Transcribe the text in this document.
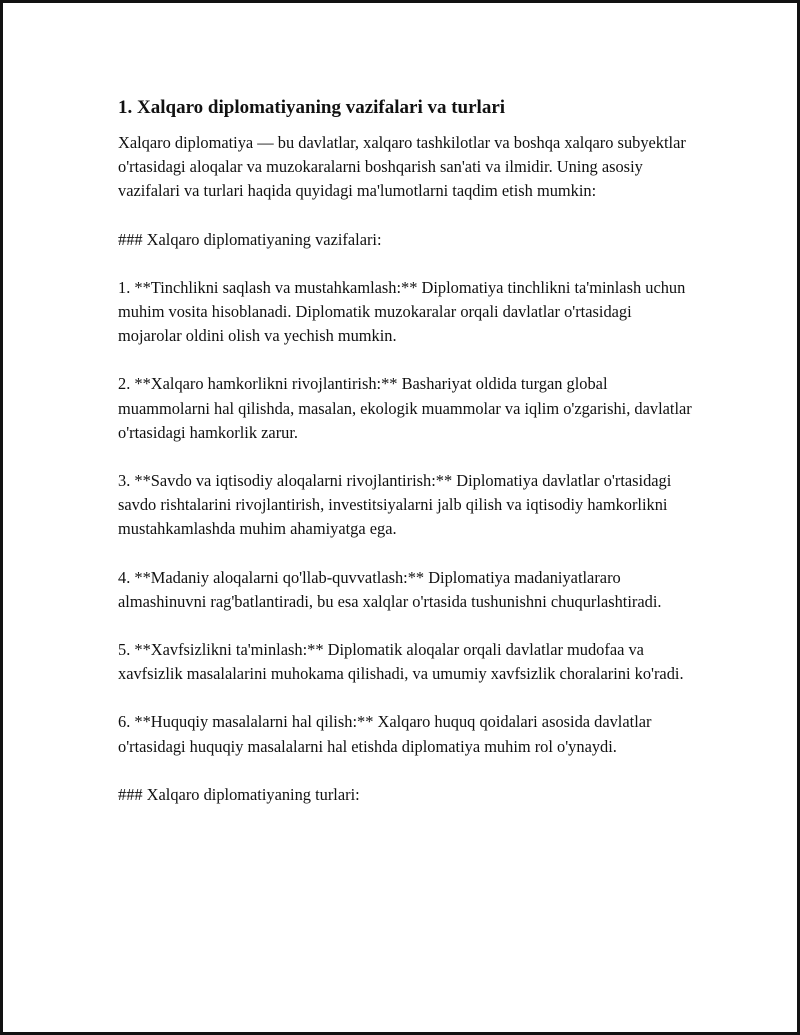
1. Xalqaro diplomatiyaning vazifalari va turlari

Xalqaro diplomatiya — bu davlatlar, xalqaro tashkilotlar va boshqa xalqaro subyektlar o'rtasidagi aloqalar va muzokaralarni boshqarish san'ati va ilmidir. Uning asosiy vazifalari va turlari haqida quyidagi ma'lumotlarni taqdim etish mumkin:

### Xalqaro diplomatiyaning vazifalari:

1. **Tinchlikni saqlash va mustahkamlash:** Diplomatiya tinchlikni ta'minlash uchun muhim vosita hisoblanadi. Diplomatik muzokaralar orqali davlatlar o'rtasidagi mojarolar oldini olish va yechish mumkin.

2. **Xalqaro hamkorlikni rivojlantirish:** Bashariyat oldida turgan global muammolarni hal qilishda, masalan, ekologik muammolar va iqlim o'zgarishi, davlatlar o'rtasidagi hamkorlik zarur.

3. **Savdo va iqtisodiy aloqalarni rivojlantirish:** Diplomatiya davlatlar o'rtasidagi savdo rishtalarini rivojlantirish, investitsiyalarni jalb qilish va iqtisodiy hamkorlikni mustahkamlashda muhim ahamiyatga ega.

4. **Madaniy aloqalarni qo'llab-quvvatlash:** Diplomatiya madaniyatlararo almashinuvni rag'batlantiradi, bu esa xalqlar o'rtasida tushunishni chuqurlashtiradi.

5. **Xavfsizlikni ta'minlash:** Diplomatik aloqalar orqali davlatlar mudofaa va xavfsizlik masalalarini muhokama qilishadi, va umumiy xavfsizlik choralarini ko'radi.

6. **Huquqiy masalalarni hal qilish:** Xalqaro huquq qoidalari asosida davlatlar o'rtasidagi huquqiy masalalarni hal etishda diplomatiya muhim rol o'ynaydi.

### Xalqaro diplomatiyaning turlari:
